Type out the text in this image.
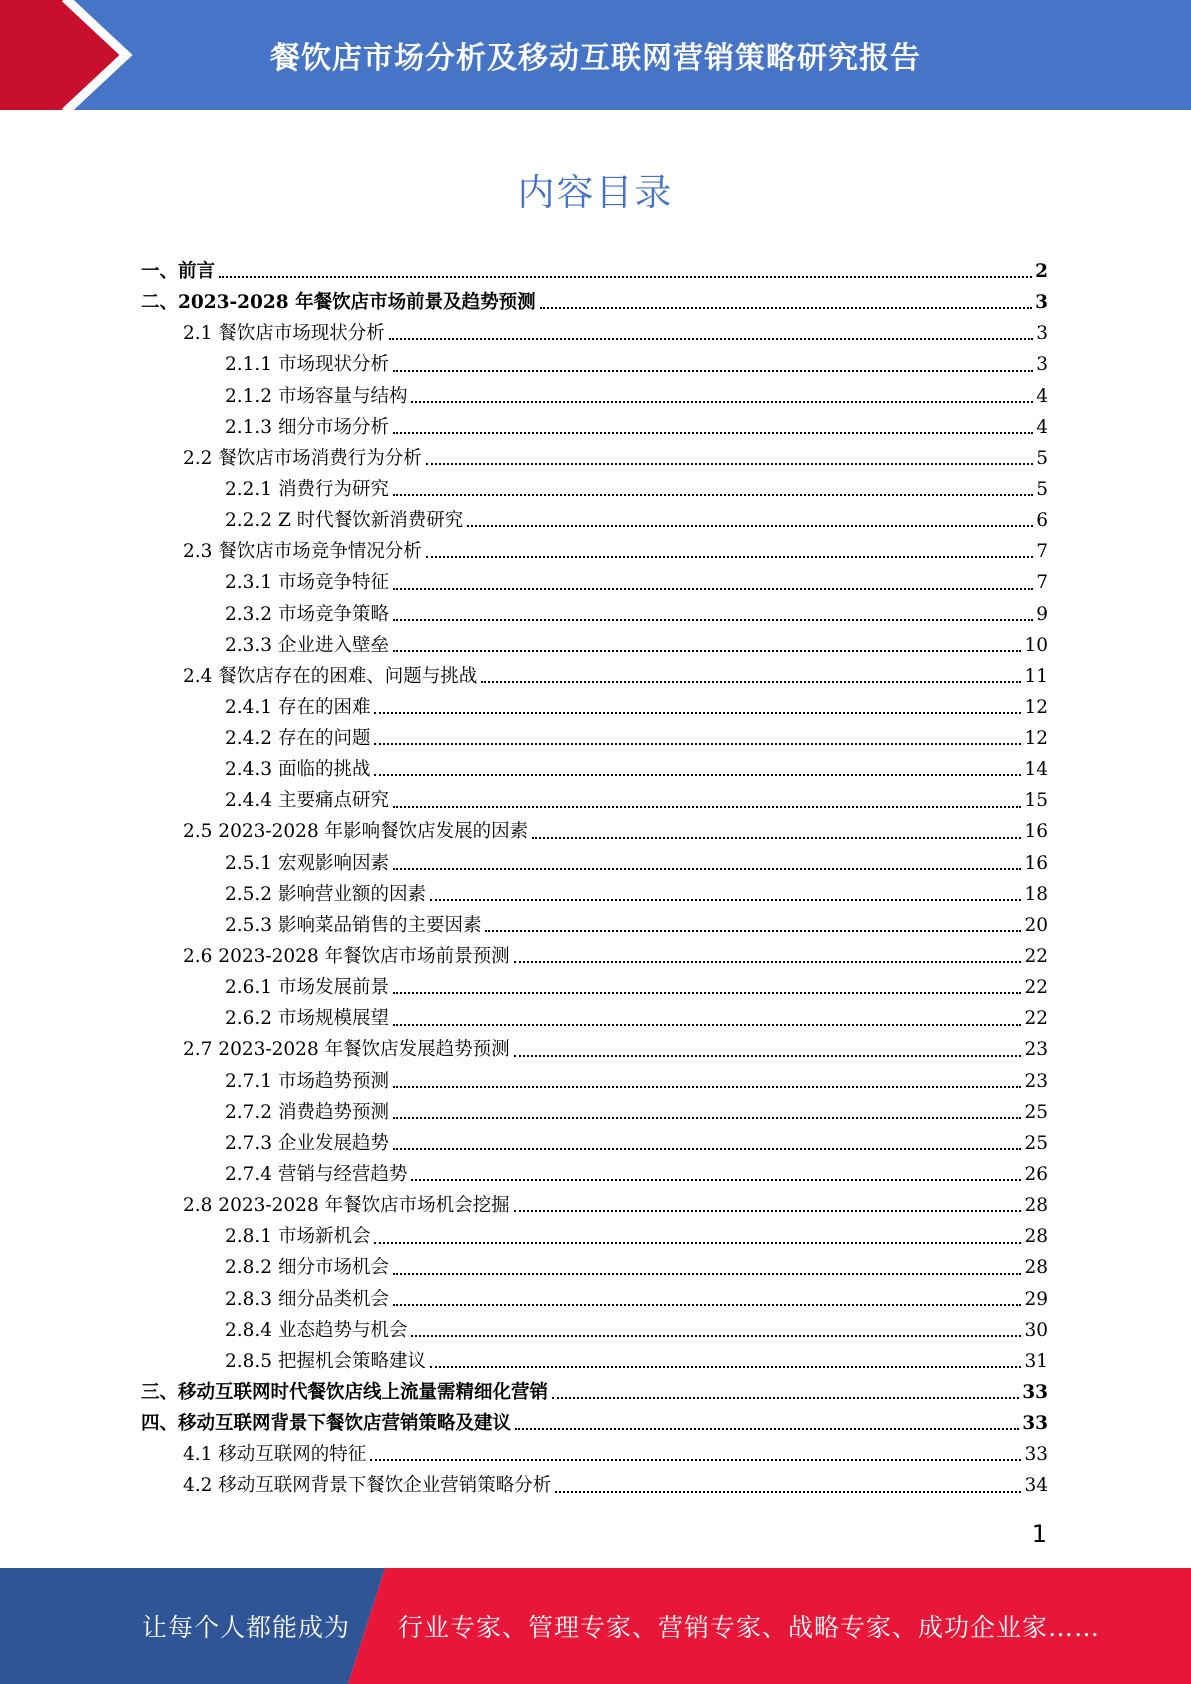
餐饮店市场分析及移动互联网营销策略研究报告
内容目录
一、前言	2
二、2023-2028 年餐饮店市场前景及趋势预测	3
2.1 餐饮店市场现状分析	3
2.1.1 市场现状分析	3
2.1.2 市场容量与结构	4
2.1.3 细分市场分析	4
2.2 餐饮店市场消费行为分析	5
2.2.1 消费行为研究	5
2.2.2 Z 时代餐饮新消费研究	6
2.3 餐饮店市场竞争情况分析	7
2.3.1 市场竞争特征	7
2.3.2 市场竞争策略	9
2.3.3 企业进入壁垒	10
2.4 餐饮店存在的困难、问题与挑战	11
2.4.1 存在的困难	12
2.4.2 存在的问题	12
2.4.3 面临的挑战	14
2.4.4 主要痛点研究	15
2.5 2023-2028 年影响餐饮店发展的因素	16
2.5.1 宏观影响因素	16
2.5.2 影响营业额的因素	18
2.5.3 影响菜品销售的主要因素	20
2.6 2023-2028 年餐饮店市场前景预测	22
2.6.1 市场发展前景	22
2.6.2 市场规模展望	22
2.7 2023-2028 年餐饮店发展趋势预测	23
2.7.1 市场趋势预测	23
2.7.2 消费趋势预测	25
2.7.3 企业发展趋势	25
2.7.4 营销与经营趋势	26
2.8 2023-2028 年餐饮店市场机会挖掘	28
2.8.1 市场新机会	28
2.8.2 细分市场机会	28
2.8.3 细分品类机会	29
2.8.4 业态趋势与机会	30
2.8.5 把握机会策略建议	31
三、移动互联网时代餐饮店线上流量需精细化营销	33
四、移动互联网背景下餐饮店营销策略及建议	33
4.1 移动互联网的特征	33
4.2 移动互联网背景下餐饮企业营销策略分析	34
1
让每个人都能成为 行业专家、管理专家、营销专家、战略专家、成功企业家……
